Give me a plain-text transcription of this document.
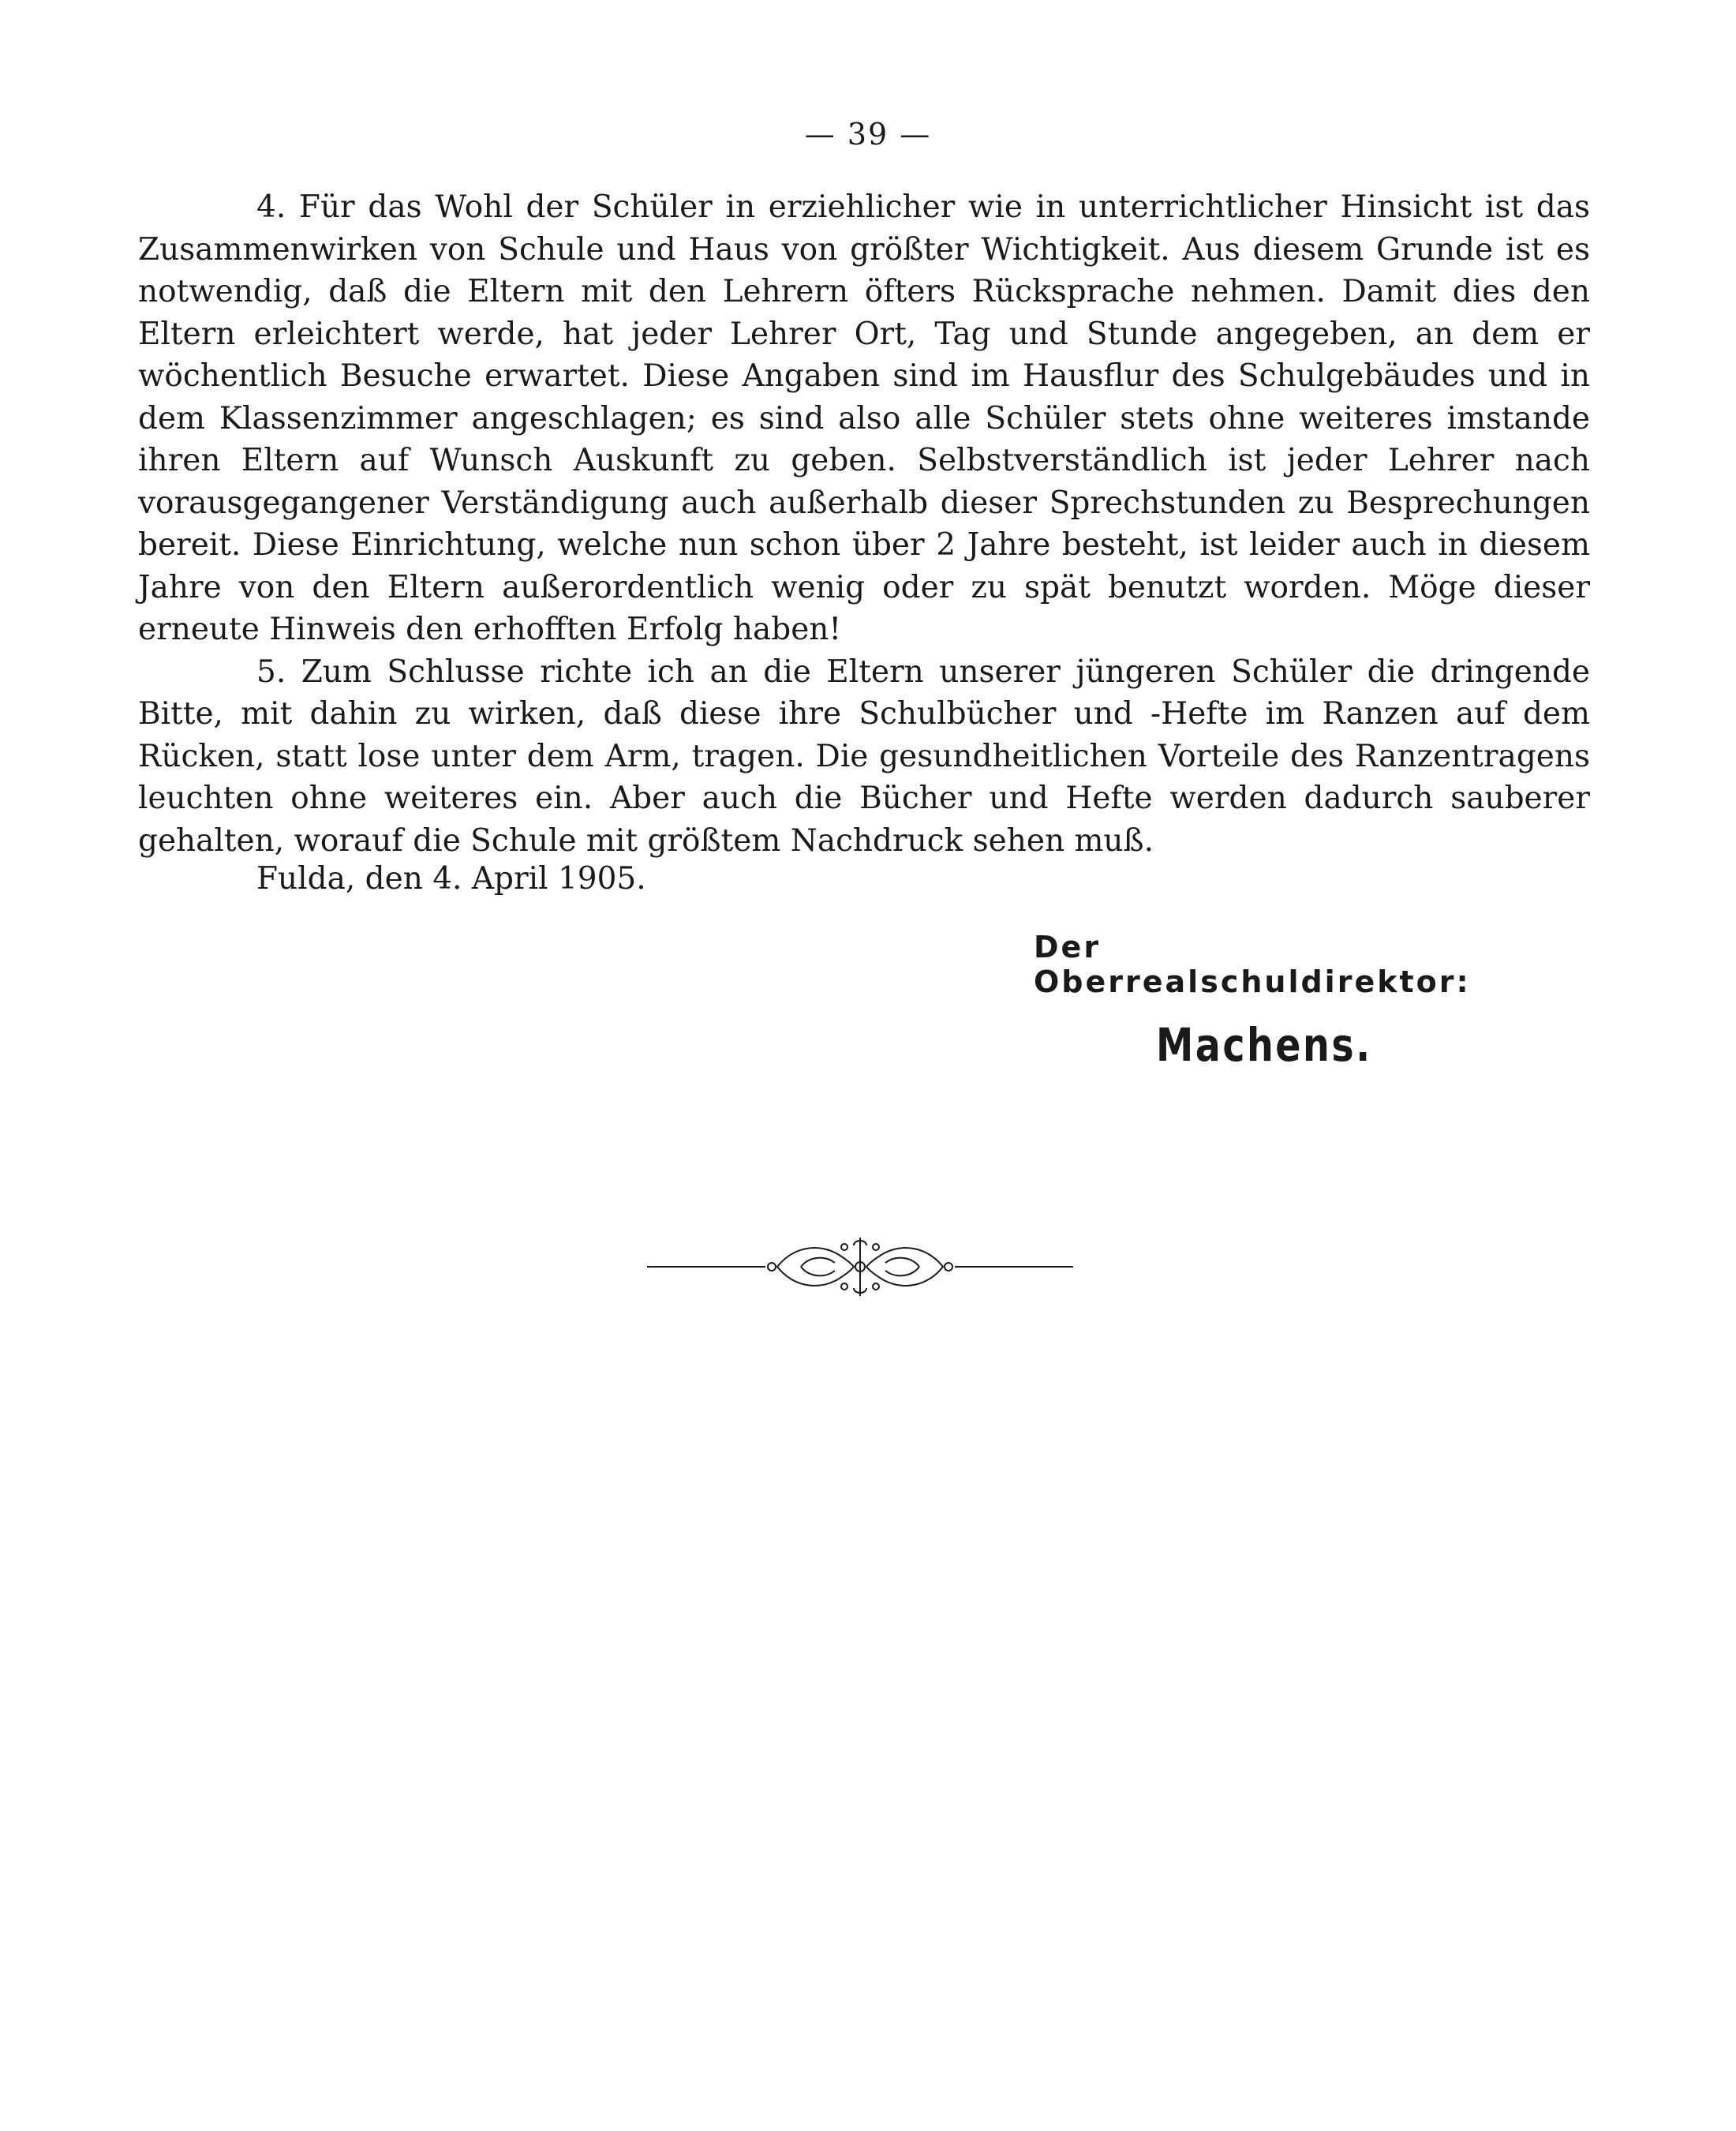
— 39 —

4. Für das Wohl der Schüler in erziehlicher wie in unterrichtlicher Hinsicht ist das Zusammenwirken von Schule und Haus von größter Wichtigkeit. Aus diesem Grunde ist es notwendig, daß die Eltern mit den Lehrern öfters Rücksprache nehmen. Damit dies den Eltern erleichtert werde, hat jeder Lehrer Ort, Tag und Stunde angegeben, an dem er wöchentlich Besuche erwartet. Diese Angaben sind im Hausflur des Schulgebäudes und in dem Klassenzimmer angeschlagen; es sind also alle Schüler stets ohne weiteres imstande ihren Eltern auf Wunsch Auskunft zu geben. Selbstverständlich ist jeder Lehrer nach vorausgegangener Verständigung auch außerhalb dieser Sprechstunden zu Besprechungen bereit. Diese Einrichtung, welche nun schon über 2 Jahre besteht, ist leider auch in diesem Jahre von den Eltern außerordentlich wenig oder zu spät benutzt worden. Möge dieser erneute Hinweis den erhofften Erfolg haben!

5. Zum Schlusse richte ich an die Eltern unserer jüngeren Schüler die dringende Bitte, mit dahin zu wirken, daß diese ihre Schulbücher und -Hefte im Ranzen auf dem Rücken, statt lose unter dem Arm, tragen. Die gesundheitlichen Vorteile des Ranzentragens leuchten ohne weiteres ein. Aber auch die Bücher und Hefte werden dadurch sauberer gehalten, worauf die Schule mit größtem Nachdruck sehen muß.

Fulda, den 4. April 1905.
Der Oberrealschuldirektor:
Machens.
